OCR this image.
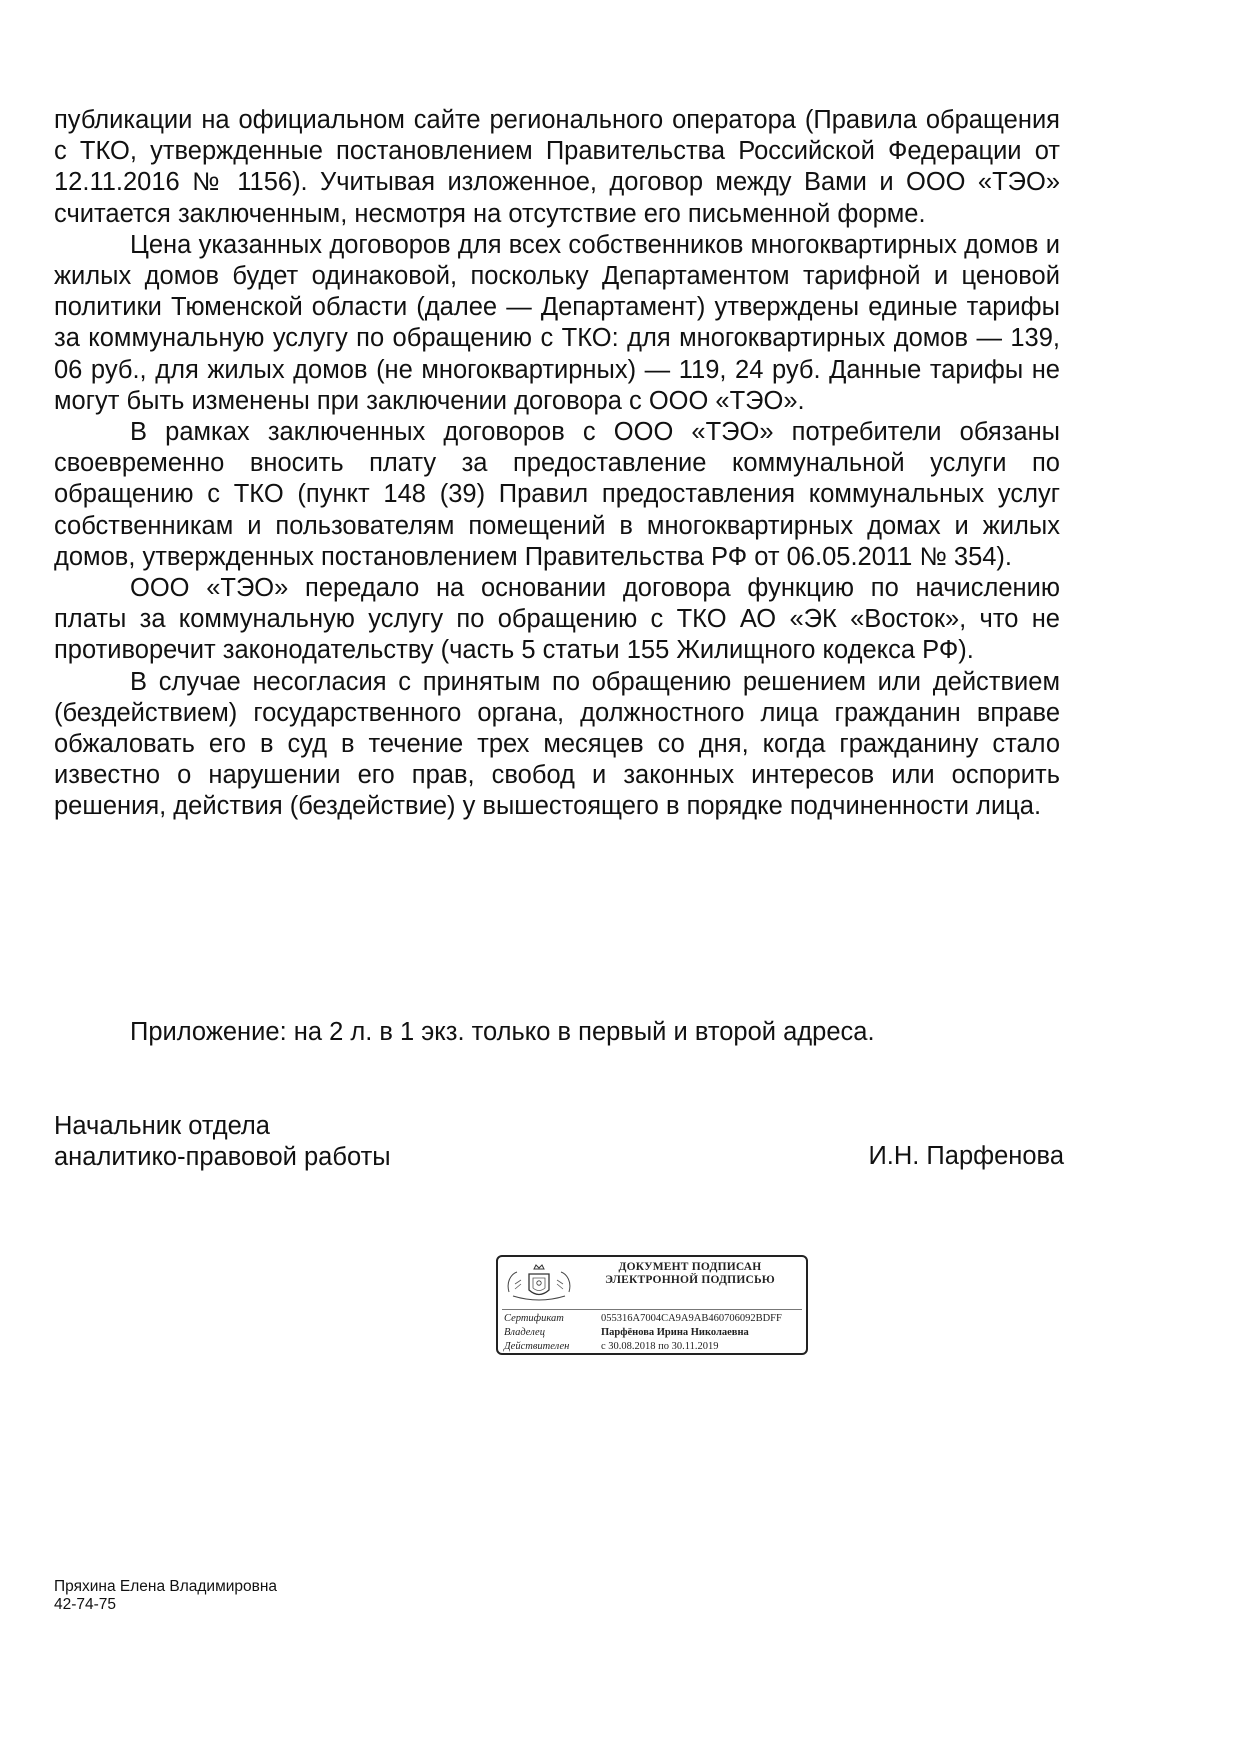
публикации на официальном сайте регионального оператора (Правила обращения с ТКО, утвержденные постановлением Правительства Российской Федерации от 12.11.2016 № 1156). Учитывая изложенное, договор между Вами и ООО «ТЭО» считается заключенным, несмотря на отсутствие его письменной форме.

Цена указанных договоров для всех собственников многоквартирных домов и жилых домов будет одинаковой, поскольку Департаментом тарифной и ценовой политики Тюменской области (далее — Департамент) утверждены единые тарифы за коммунальную услугу по обращению с ТКО: для многоквартирных домов — 139, 06 руб., для жилых домов (не многоквартирных) — 119, 24 руб. Данные тарифы не могут быть изменены при заключении договора с ООО «ТЭО».

В рамках заключенных договоров с ООО «ТЭО» потребители обязаны своевременно вносить плату за предоставление коммунальной услуги по обращению с ТКО (пункт 148 (39) Правил предоставления коммунальных услуг собственникам и пользователям помещений в многоквартирных домах и жилых домов, утвержденных постановлением Правительства РФ от 06.05.2011 № 354).

ООО «ТЭО» передало на основании договора функцию по начислению платы за коммунальную услугу по обращению с ТКО АО «ЭК «Восток», что не противоречит законодательству (часть 5 статьи 155 Жилищного кодекса РФ).

В случае несогласия с принятым по обращению решением или действием (бездействием) государственного органа, должностного лица гражданин вправе обжаловать его в суд в течение трех месяцев со дня, когда гражданину стало известно о нарушении его прав, свобод и законных интересов или оспорить решения, действия (бездействие) у вышестоящего в порядке подчиненности лица.

Приложение: на 2 л. в 1 экз. только в первый и второй адреса.
Начальник отдела
аналитико-правовой работы	И.Н. Парфенова
ДОКУМЕНТ ПОДПИСАН
ЭЛЕКТРОННОЙ ПОДПИСЬЮ
Сертификат	055316A7004CA9A9AB460706092BDFF
Владелец	Парфёнова Ирина Николаевна
Действителен	с 30.08.2018 по 30.11.2019
Пряхина Елена Владимировна
42-74-75
